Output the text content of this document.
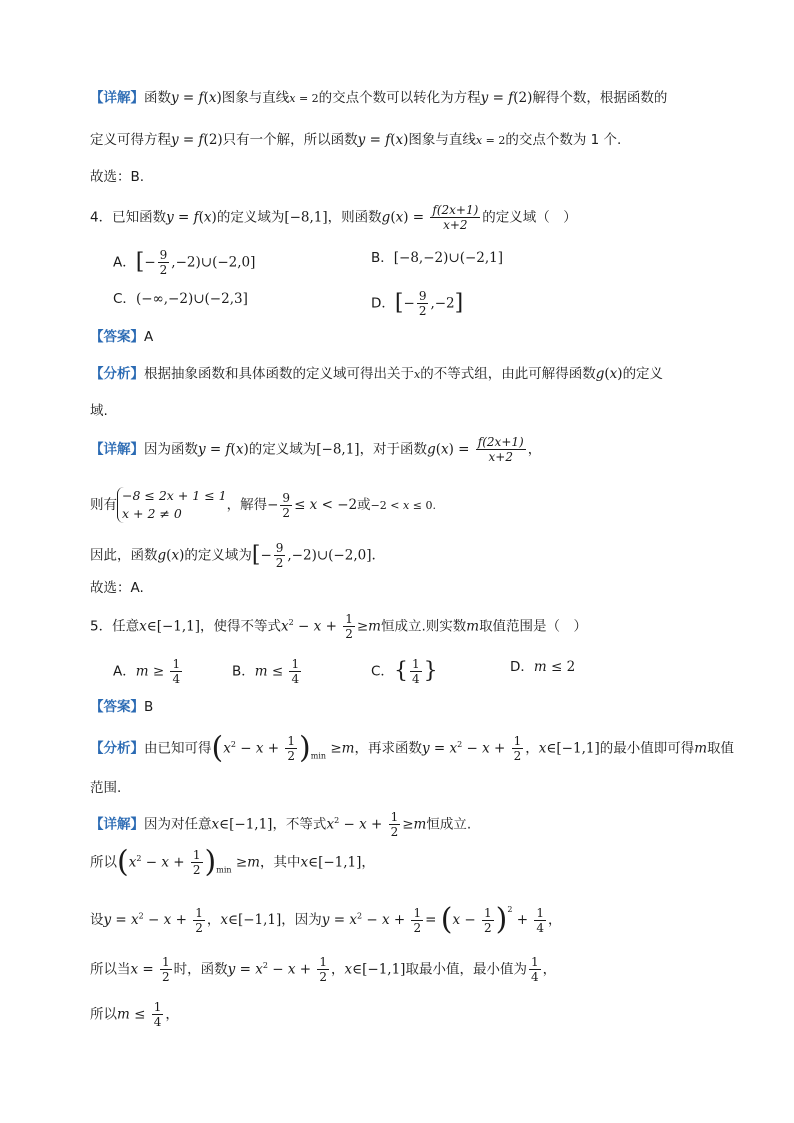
【详解】函数y = f(x)图象与直线x = 2的交点个数可以转化为方程y = f(2)解得个数，根据函数的
定义可得方程y = f(2)只有一个解，所以函数y = f(x)图象与直线x = 2的交点个数为 1 个.
故选：B.
4．已知函数y = f(x)的定义域为[−8,1]，则函数$g(x) = \frac{f(2x+1)}{x+2}$ 的定义域（　）
A．[− $\frac{9}{2}$ ,−2)∪(−2,0]	B．[−8,−2)∪(−2,1]
C．(−∞,−2)∪(−2,3]	D．[− $\frac{9}{2} ,-2$]
【答案】A
【分析】根据抽象函数和具体函数的定义域可得出关于x的不等式组，由此可解得函数g(x)的定义
域.
【详解】因为函数y = f(x)的定义域为[−8,1]，对于函数$g(x) = \frac{f(2x+1)}{x+2}$ ，
则有
−8 ≤ 2x + 1 ≤ 1
x + 2 ≠ 0
，解得− $\frac{9}{2} \le x < -2$或−2 < x ≤ 0.
因此，函数g(x)的定义域为[− $\frac{9}{2}$ ,−2)∪(−2,0].
故选：A.
5．任意x∈[−1,1]，使得不等式$x^2 - x + \frac{1}{2} \ge m$恒成立.则实数m取值范围是（　）
A．$m \ge \frac{1}{4}$	B．$m \le \frac{1}{4}$	C．{ $\frac{1}{4}$ }	D．m ≤ 2
【答案】B
【分析】由已知可得$(x^2 - x + \frac{1}{2} )_{min} \ge m$，再求函数$y = x^2 - x + \frac{1}{2}$ ，x∈[−1,1]的最小值即可得m取值
范围.
【详解】因为对任意x∈[−1,1]，不等式$x^2 - x + \frac{1}{2} \ge m$恒成立.
所以$(x^2 - x + \frac{1}{2} )_{min} \ge m$，其中x∈[−1,1]，
设$y = x^2 - x + \frac{1}{2}$ ，x∈[−1,1]，因为$y = x^2 - x + \frac{1}{2} = (x - \frac{1}{2} )^2 + \frac{1}{4}$ ，
所以当$x = \frac{1}{2}$ 时，函数$y = x^2 - x + \frac{1}{2}$ ，x∈[−1,1]取最小值，最小值为 $\frac{1}{4}$ ，
所以$m \le \frac{1}{4}$ ，
